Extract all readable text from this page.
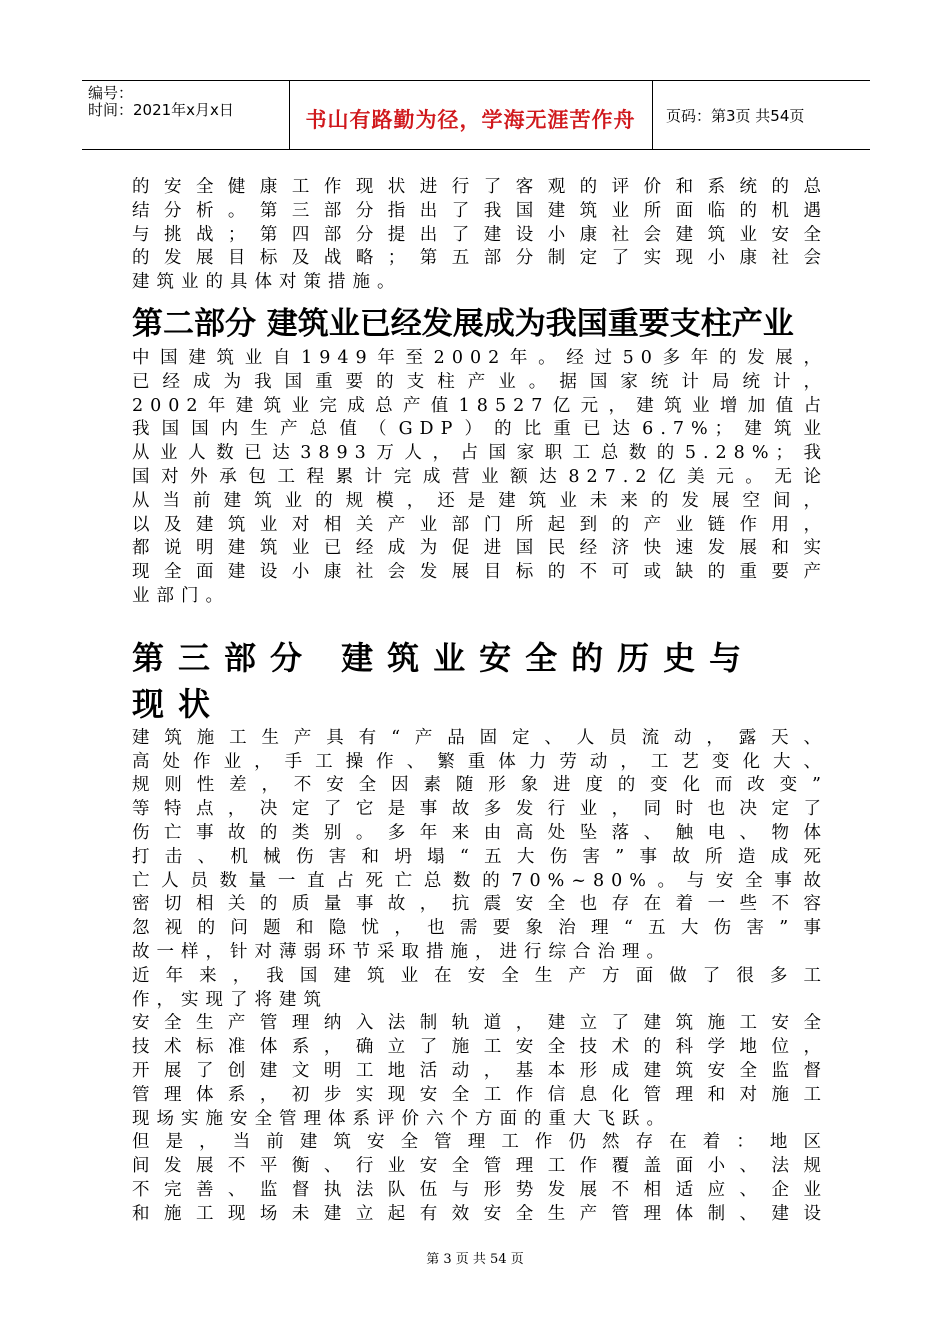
编号：
时间：2021年x月x日	书山有路勤为径，学海无涯苦作舟	页码：第3页 共54页
的安全健康工作现状进行了客观的评价和系统的总
结分析。第三部分指出了我国建筑业所面临的机遇
与挑战；第四部分提出了建设小康社会建筑业安全
的发展目标及战略；第五部分制定了实现小康社会
建筑业的具体对策措施。
第二部分 建筑业已经发展成为我国重要支柱产业
中国建筑业自1949年至2002年。经过50多年的发展，
已经成为我国重要的支柱产业。据国家统计局统计，
2002年建筑业完成总产值18527亿元，建筑业增加值占
我国国内生产总值（GDP）的比重已达6.7%；建筑业
从业人数已达3893万人，占国家职工总数的5.28%；我
国对外承包工程累计完成营业额达827.2亿美元。无论
从当前建筑业的规模，还是建筑业未来的发展空间，
以及建筑业对相关产业部门所起到的产业链作用，
都说明建筑业已经成为促进国民经济快速发展和实
现全面建设小康社会发展目标的不可或缺的重要产
业部门。
第三部分 建筑业安全的历史与
现状
建筑施工生产具有“产品固定、人员流动，露天、
高处作业，手工操作、繁重体力劳动，工艺变化大、
规则性差，不安全因素随形象进度的变化而改变”
等特点，决定了它是事故多发行业，同时也决定了
伤亡事故的类别。多年来由高处坠落、触电、物体
打击、机械伤害和坍塌“五大伤害”事故所造成死
亡人员数量一直占死亡总数的70%~80%。与安全事故
密切相关的质量事故，抗震安全也存在着一些不容
忽视的问题和隐忧，也需要象治理“五大伤害”事
故一样，针对薄弱环节采取措施，进行综合治理。
近年来，我国建筑业在安全生产方面做了很多工
作，实现了将建筑
安全生产管理纳入法制轨道，建立了建筑施工安全
技术标准体系，确立了施工安全技术的科学地位，
开展了创建文明工地活动，基本形成建筑安全监督
管理体系，初步实现安全工作信息化管理和对施工
现场实施安全管理体系评价六个方面的重大飞跃。
但是，当前建筑安全管理工作仍然存在着：地区
间发展不平衡、行业安全管理工作覆盖面小、法规
不完善、监督执法队伍与形势发展不相适应、企业
和施工现场未建立起有效安全生产管理体制、建设
第 3 页 共 54 页
